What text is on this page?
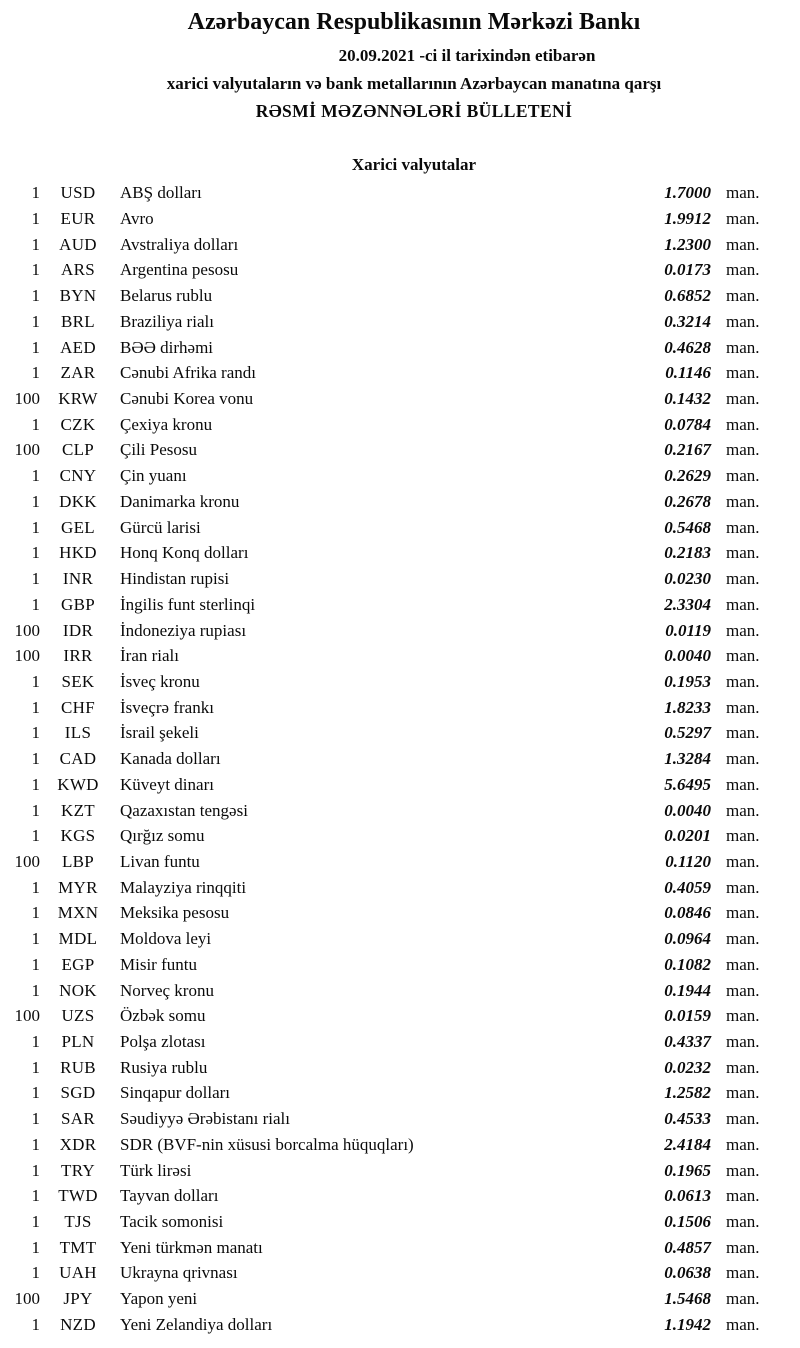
Azərbaycan Respublikasının Mərkəzi Bankı
20.09.2021 -ci il tarixindən etibarən
xarici valyutaların və bank metallarının Azərbaycan manatına qarşı
RƏSMİ MƏZƏNNƏLƏRİ BÜLLETENİ
Xarici valyutalar
1	USD	ABŞ dolları	1.7000 man.
1	EUR	Avro	1.9912 man.
1	AUD	Avstraliya dolları	1.2300 man.
1	ARS	Argentina pesosu	0.0173 man.
1	BYN	Belarus rublu	0.6852 man.
1	BRL	Braziliya rialı	0.3214 man.
1	AED	BƏƏ dirhəmi	0.4628 man.
1	ZAR	Cənubi Afrika randı	0.1146 man.
100	KRW	Cənubi Korea vonu	0.1432 man.
1	CZK	Çexiya kronu	0.0784 man.
100	CLP	Çili Pesosu	0.2167 man.
1	CNY	Çin yuanı	0.2629 man.
1	DKK	Danimarka kronu	0.2678 man.
1	GEL	Gürcü larisi	0.5468 man.
1	HKD	Honq Konq dolları	0.2183 man.
1	INR	Hindistan rupisi	0.0230 man.
1	GBP	İngilis funt sterlinqi	2.3304 man.
100	IDR	İndoneziya rupiası	0.0119 man.
100	IRR	İran rialı	0.0040 man.
1	SEK	İsveç kronu	0.1953 man.
1	CHF	İsveçrə frankı	1.8233 man.
1	ILS	İsrail şekeli	0.5297 man.
1	CAD	Kanada dolları	1.3284 man.
1	KWD	Küveyt dinarı	5.6495 man.
1	KZT	Qazaxıstan tengəsi	0.0040 man.
1	KGS	Qırğız somu	0.0201 man.
100	LBP	Livan funtu	0.1120 man.
1	MYR	Malayziya rinqqiti	0.4059 man.
1	MXN	Meksika pesosu	0.0846 man.
1	MDL	Moldova leyi	0.0964 man.
1	EGP	Misir funtu	0.1082 man.
1	NOK	Norveç kronu	0.1944 man.
100	UZS	Özbək somu	0.0159 man.
1	PLN	Polşa zlotası	0.4337 man.
1	RUB	Rusiya rublu	0.0232 man.
1	SGD	Sinqapur dolları	1.2582 man.
1	SAR	Səudiyyə Ərəbistanı rialı	0.4533 man.
1	XDR	SDR (BVF-nin xüsusi borcalma hüquqları)	2.4184 man.
1	TRY	Türk lirəsi	0.1965 man.
1	TWD	Tayvan dolları	0.0613 man.
1	TJS	Tacik somonisi	0.1506 man.
1	TMT	Yeni türkmən manatı	0.4857 man.
1	UAH	Ukrayna qrivnası	0.0638 man.
100	JPY	Yapon yeni	1.5468 man.
1	NZD	Yeni Zelandiya dolları	1.1942 man.
